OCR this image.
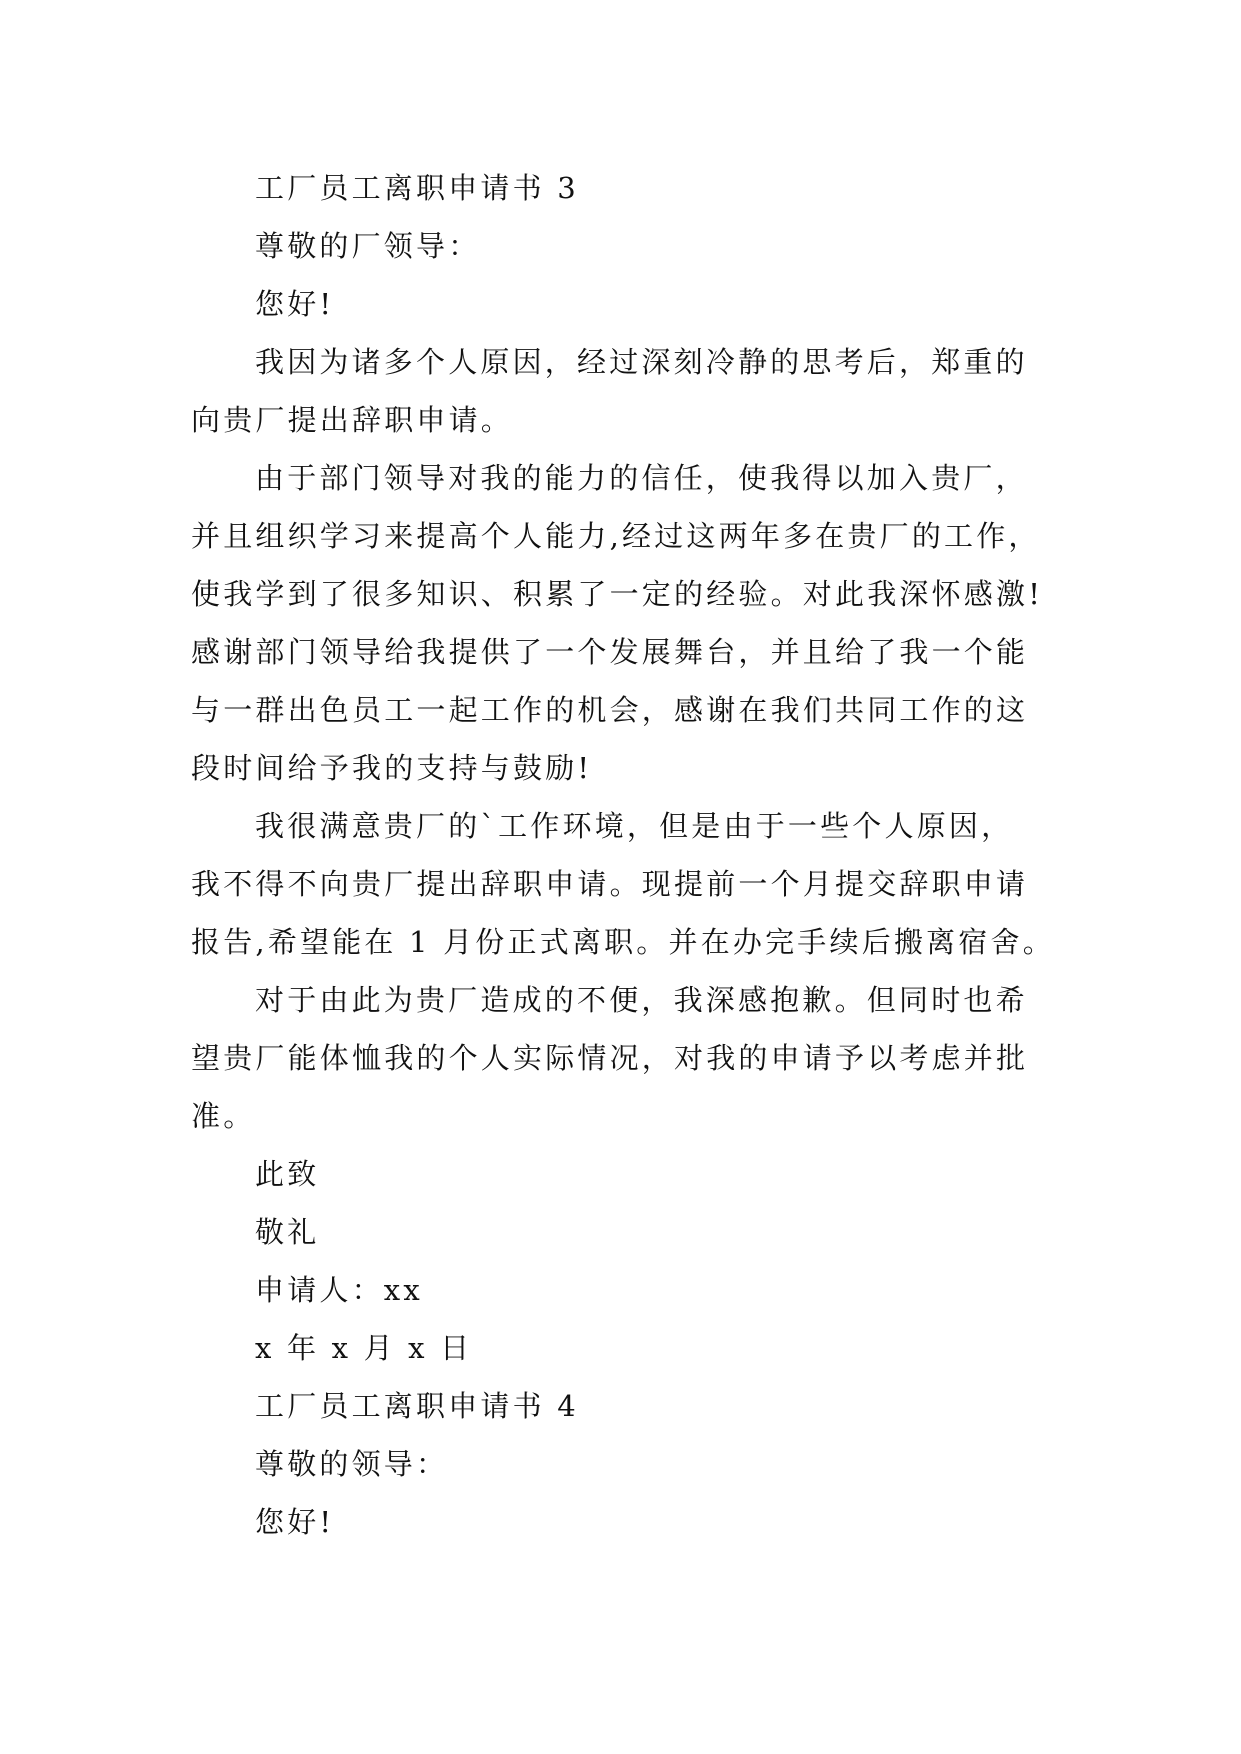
工厂员工离职申请书 3
尊敬的厂领导：
您好!
我因为诸多个人原因，经过深刻冷静的思考后，郑重的
向贵厂提出辞职申请。
由于部门领导对我的能力的信任，使我得以加入贵厂，
并且组织学习来提高个人能力,经过这两年多在贵厂的工作，
使我学到了很多知识、积累了一定的经验。对此我深怀感激!
感谢部门领导给我提供了一个发展舞台，并且给了我一个能
与一群出色员工一起工作的机会，感谢在我们共同工作的这
段时间给予我的支持与鼓励!
我很满意贵厂的`工作环境，但是由于一些个人原因，
我不得不向贵厂提出辞职申请。现提前一个月提交辞职申请
报告,希望能在 1 月份正式离职。并在办完手续后搬离宿舍。
对于由此为贵厂造成的不便，我深感抱歉。但同时也希
望贵厂能体恤我的个人实际情况，对我的申请予以考虑并批
准。
此致
敬礼
申请人：xx
x 年 x 月 x 日
工厂员工离职申请书 4
尊敬的领导：
您好!
